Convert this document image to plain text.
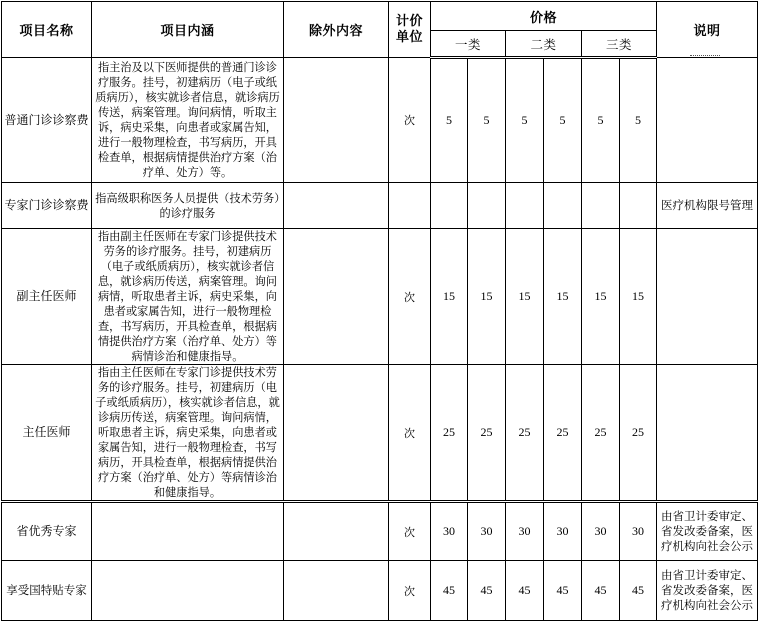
项目名称	项目内涵	除外内容	计价单位	价格						说明
				一类		二类		三类		
普通门诊诊察费	指主治及以下医师提供的普通门诊诊疗服务。挂号，初建病历（电子或纸质病历），核实就诊者信息，就诊病历传送，病案管理。询问病情，听取主诉，病史采集，向患者或家属告知，进行一般物理检查，书写病历，开具检查单，根据病情提供治疗方案（治疗单、处方）等。		次	5	5	5	5	5	5	
专家门诊诊察费	指高级职称医务人员提供（技术劳务）的诊疗服务									医疗机构限号管理
副主任医师	指由副主任医师在专家门诊提供技术劳务的诊疗服务。挂号，初建病历（电子或纸质病历），核实就诊者信息，就诊病历传送，病案管理。询问病情，听取患者主诉，病史采集，向患者或家属告知，进行一般物理检查，书写病历，开具检查单，根据病情提供治疗方案（治疗单、处方）等病情诊治和健康指导。		次	15	15	15	15	15	15	
主任医师	指由主任医师在专家门诊提供技术劳务的诊疗服务。挂号，初建病历（电子或纸质病历），核实就诊者信息，就诊病历传送，病案管理。询问病情，听取患者主诉，病史采集，向患者或家属告知，进行一般物理检查，书写病历，开具检查单，根据病情提供治疗方案（治疗单、处方）等病情诊治和健康指导。		次	25	25	25	25	25	25	
省优秀专家			次	30	30	30	30	30	30	由省卫计委审定、省发改委备案，医疗机构向社会公示
享受国特贴专家			次	45	45	45	45	45	45	由省卫计委审定、省发改委备案，医疗机构向社会公示
